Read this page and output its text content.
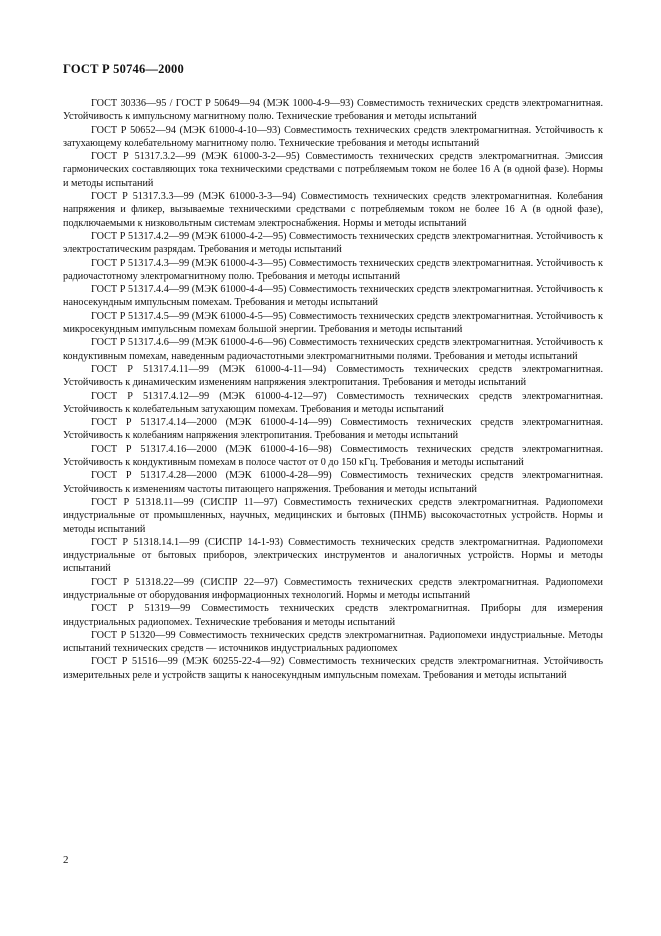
ГОСТ Р 50746—2000

ГОСТ 30336—95 / ГОСТ Р 50649—94 (МЭК 1000-4-9—93) Совместимость технических средств электромагнитная. Устойчивость к импульсному магнитному полю. Технические требования и методы испытаний

ГОСТ Р 50652—94 (МЭК 61000-4-10—93) Совместимость технических средств электромагнитная. Устойчивость к затухающему колебательному магнитному полю. Технические требования и методы испытаний

ГОСТ Р 51317.3.2—99 (МЭК 61000-3-2—95) Совместимость технических средств электромагнитная. Эмиссия гармонических составляющих тока техническими средствами с потребляемым током не более 16 А (в одной фазе). Нормы и методы испытаний

ГОСТ Р 51317.3.3—99 (МЭК 61000-3-3—94) Совместимость технических средств электромагнитная. Колебания напряжения и фликер, вызываемые техническими средствами с потребляемым током не более 16 А (в одной фазе), подключаемыми к низковольтным системам электроснабжения. Нормы и методы испытаний

ГОСТ Р 51317.4.2—99 (МЭК 61000-4-2—95) Совместимость технических средств электромагнитная. Устойчивость к электростатическим разрядам. Требования и методы испытаний

ГОСТ Р 51317.4.3—99 (МЭК 61000-4-3—95) Совместимость технических средств электромагнитная. Устойчивость к радиочастотному электромагнитному полю. Требования и методы испытаний

ГОСТ Р 51317.4.4—99 (МЭК 61000-4-4—95) Совместимость технических средств электромагнитная. Устойчивость к наносекундным импульсным помехам. Требования и методы испытаний

ГОСТ Р 51317.4.5—99 (МЭК 61000-4-5—95) Совместимость технических средств электромагнитная. Устойчивость к микросекундным импульсным помехам большой энергии. Требования и методы испытаний

ГОСТ Р 51317.4.6—99 (МЭК 61000-4-6—96) Совместимость технических средств электромагнитная. Устойчивость к кондуктивным помехам, наведенным радиочастотными электромагнитными полями. Требования и методы испытаний

ГОСТ Р 51317.4.11—99 (МЭК 61000-4-11—94) Совместимость технических средств электромагнитная. Устойчивость к динамическим изменениям напряжения электропитания. Требования и методы испытаний

ГОСТ Р 51317.4.12—99 (МЭК 61000-4-12—97) Совместимость технических средств электромагнитная. Устойчивость к колебательным затухающим помехам. Требования и методы испытаний

ГОСТ Р 51317.4.14—2000 (МЭК 61000-4-14—99) Совместимость технических средств электромагнитная. Устойчивость к колебаниям напряжения электропитания. Требования и методы испытаний

ГОСТ Р 51317.4.16—2000 (МЭК 61000-4-16—98) Совместимость технических средств электромагнитная. Устойчивость к кондуктивным помехам в полосе частот от 0 до 150 кГц. Требования и методы испытаний

ГОСТ Р 51317.4.28—2000 (МЭК 61000-4-28—99) Совместимость технических средств электромагнитная. Устойчивость к изменениям частоты питающего напряжения. Требования и методы испытаний

ГОСТ Р 51318.11—99 (СИСПР 11—97) Совместимость технических средств электромагнитная. Радиопомехи индустриальные от промышленных, научных, медицинских и бытовых (ПНМБ) высокочастотных устройств. Нормы и методы испытаний

ГОСТ Р 51318.14.1—99 (СИСПР 14-1-93) Совместимость технических средств электромагнитная. Радиопомехи индустриальные от бытовых приборов, электрических инструментов и аналогичных устройств. Нормы и методы испытаний

ГОСТ Р 51318.22—99 (СИСПР 22—97) Совместимость технических средств электромагнитная. Радиопомехи индустриальные от оборудования информационных технологий. Нормы и методы испытаний

ГОСТ Р 51319—99 Совместимость технических средств электромагнитная. Приборы для измерения индустриальных радиопомех. Технические требования и методы испытаний

ГОСТ Р 51320—99 Совместимость технических средств электромагнитная. Радиопомехи индустриальные. Методы испытаний технических средств — источников индустриальных радиопомех

ГОСТ Р 51516—99 (МЭК 60255-22-4—92) Совместимость технических средств электромагнитная. Устойчивость измерительных реле и устройств защиты к наносекундным импульсным помехам. Требования и методы испытаний

2
